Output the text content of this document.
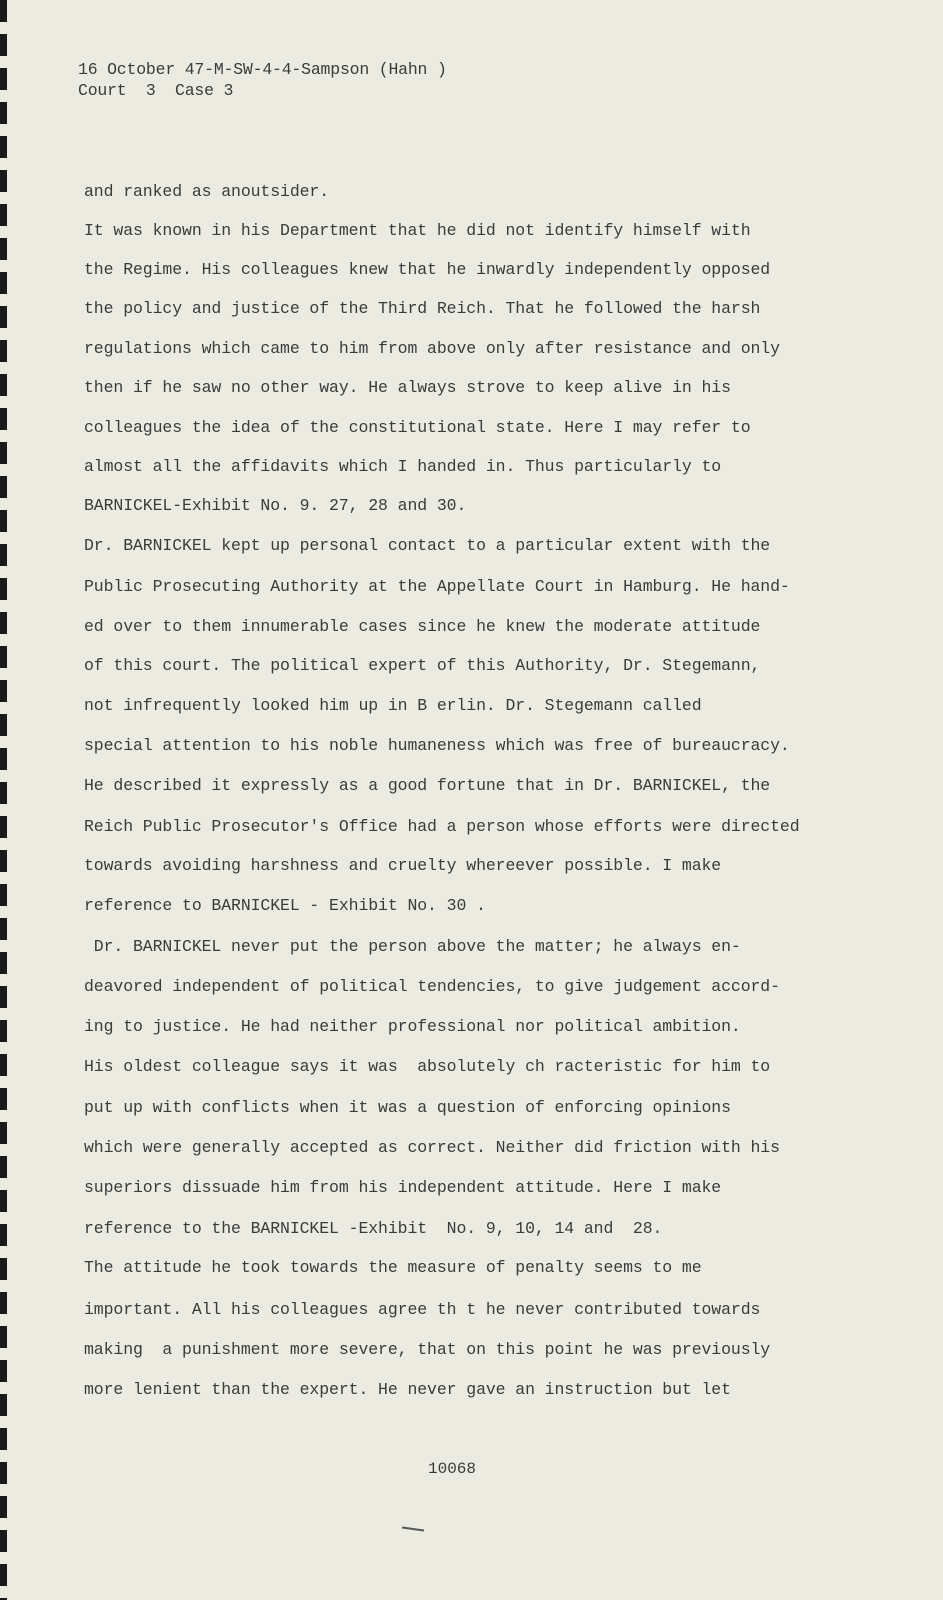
16 October 47-M-SW-4-4-Sampson (Hahn )
Court  3  Case 3
and ranked as anoutsider.
It was known in his Department that he did not identify himself with
the Regime. His colleagues knew that he inwardly independently opposed
the policy and justice of the Third Reich. That he followed the harsh
regulations which came to him from above only after resistance and only
then if he saw no other way. He always strove to keep alive in his
colleagues the idea of the constitutional state. Here I may refer to
almost all the affidavits which I handed in. Thus particularly to
BARNICKEL-Exhibit No. 9. 27, 28 and 30.
Dr. BARNICKEL kept up personal contact to a particular extent with the
Public Prosecuting Authority at the Appellate Court in Hamburg. He hand-
ed over to them innumerable cases since he knew the moderate attitude
of this court. The political expert of this Authority, Dr. Stegemann,
not infrequently looked him up in B erlin. Dr. Stegemann called
special attention to his noble humaneness which was free of bureaucracy.
He described it expressly as a good fortune that in Dr. BARNICKEL, the
Reich Public Prosecutor's Office had a person whose efforts were directed
towards avoiding harshness and cruelty whereever possible. I make
reference to BARNICKEL - Exhibit No. 30 .
Dr. BARNICKEL never put the person above the matter; he always en-
deavored independent of political tendencies, to give judgement accord-
ing to justice. He had neither professional nor political ambition.
His oldest colleague says it was  absolutely ch racteristic for him to
put up with conflicts when it was a question of enforcing opinions
which were generally accepted as correct. Neither did friction with his
superiors dissuade him from his independent attitude. Here I make
reference to the BARNICKEL -Exhibit  No. 9, 10, 14 and  28.
The attitude he took towards the measure of penalty seems to me
important. All his colleagues agree th t he never contributed towards
making  a punishment more severe, that on this point he was previously
more lenient than the expert. He never gave an instruction but let
10068
